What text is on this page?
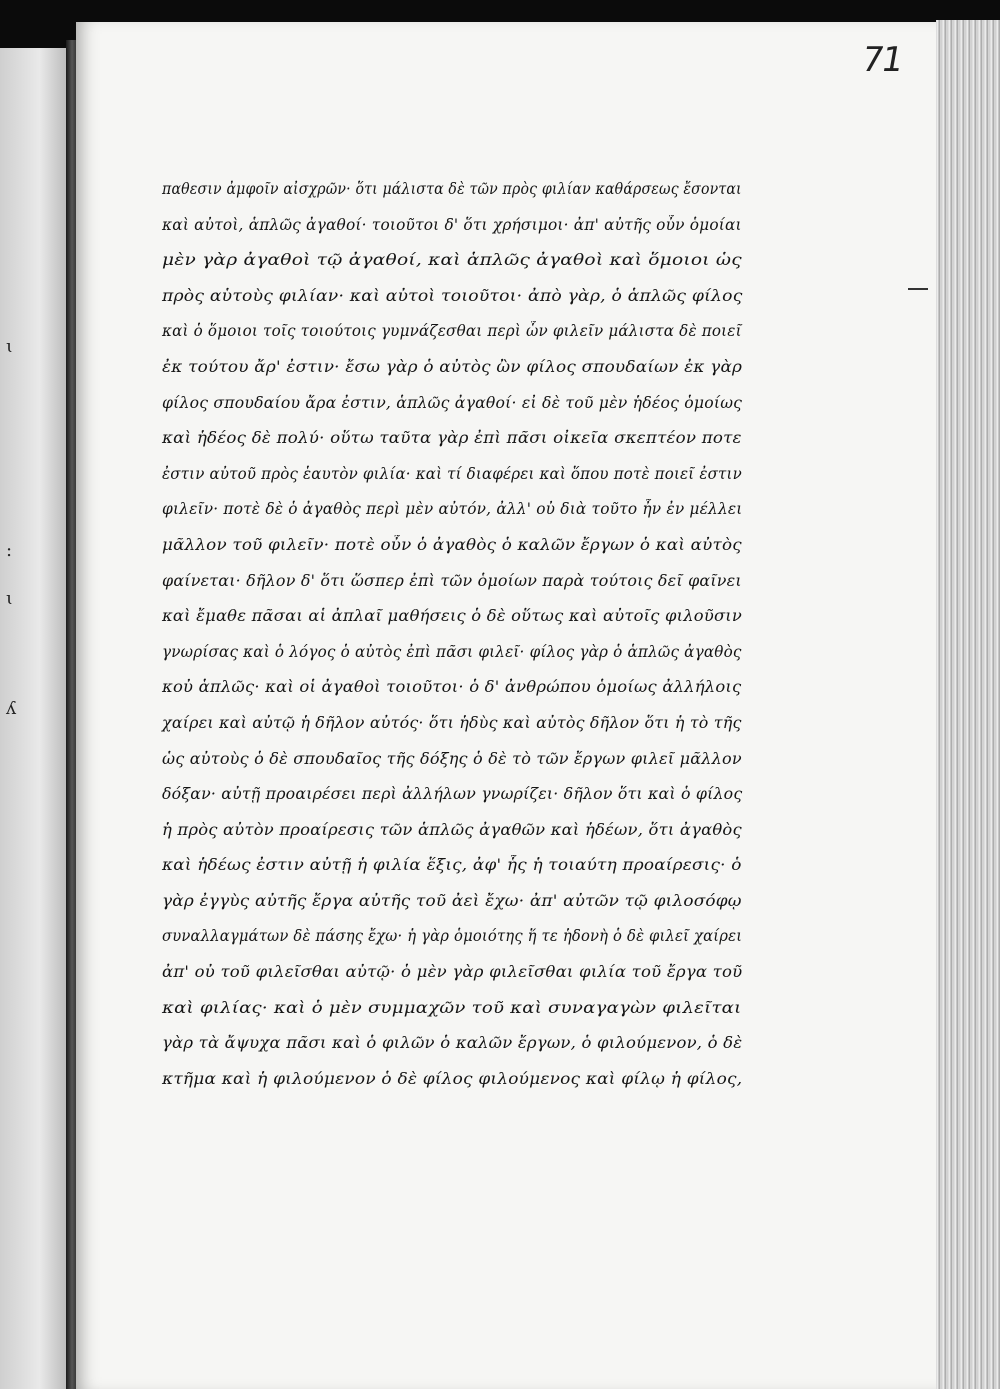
ɩ
:
ɩ
ʎ
71
παθεσιν ἀμφοῖν αἰσχρῶν· ὅτι μάλιστα δὲ τῶν πρὸς φιλίαν καθάρσεως ἔσονται
καὶ αὐτοὶ, ἁπλῶς ἀγαθοί· τοιοῦτοι δ' ὅτι χρήσιμοι· ἀπ' αὐτῆς οὖν ὁμοίαι
μὲν γὰρ ἀγαθοὶ τῷ ἀγαθοί, καὶ ἁπλῶς ἀγαθοὶ καὶ ὅμοιοι ὡς
πρὸς αὑτοὺς φιλίαν· καὶ αὐτοὶ τοιοῦτοι· ἀπὸ γὰρ, ὁ ἁπλῶς φίλος
καὶ ὁ ὅμοιοι τοῖς τοιούτοις γυμνάζεσθαι περὶ ὧν φιλεῖν μάλιστα δὲ ποιεῖ
ἐκ τούτου ἄρ' ἐστιν· ἔσω γὰρ ὁ αὐτὸς ὢν φίλος σπουδαίων ἐκ γὰρ
φίλος σπουδαίου ἄρα ἐστιν, ἁπλῶς ἀγαθοί· εἰ δὲ τοῦ μὲν ἡδέος ὁμοίως
καὶ ἡδέος δὲ πολύ· οὕτω ταῦτα γὰρ ἐπὶ πᾶσι οἰκεῖα σκεπτέον ποτε
ἐστιν αὐτοῦ πρὸς ἑαυτὸν φιλία· καὶ τί διαφέρει καὶ ὅπου ποτὲ ποιεῖ ἐστιν
φιλεῖν· ποτὲ δὲ ὁ ἀγαθὸς περὶ μὲν αὐτόν, ἀλλ' οὐ διὰ τοῦτο ἦν ἐν μέλλει
μᾶλλον τοῦ φιλεῖν· ποτὲ οὖν ὁ ἀγαθὸς ὁ καλῶν ἔργων ὁ καὶ αὐτὸς
φαίνεται· δῆλον δ' ὅτι ὥσπερ ἐπὶ τῶν ὁμοίων παρὰ τούτοις δεῖ φαῖνει
καὶ ἔμαθε πᾶσαι αἱ ἀπλαῖ μαθήσεις ὁ δὲ οὕτως καὶ αὐτοῖς φιλοῦσιν
γνωρίσας καὶ ὁ λόγος ὁ αὐτὸς ἐπὶ πᾶσι φιλεῖ· φίλος γὰρ ὁ ἁπλῶς ἀγαθὸς
κοὐ ἁπλῶς· καὶ οἱ ἀγαθοὶ τοιοῦτοι· ὁ δ' ἀνθρώπου ὁμοίως ἀλλήλοις
χαίρει καὶ αὐτῷ ἡ δῆλον αὐτός· ὅτι ἡδὺς καὶ αὐτὸς δῆλον ὅτι ἡ τὸ τῆς
ὡς αὐτοὺς ὁ δὲ σπουδαῖος τῆς δόξης ὁ δὲ τὸ τῶν ἔργων φιλεῖ μᾶλλον
δόξαν· αὐτῇ προαιρέσει περὶ ἀλλήλων γνωρίζει· δῆλον ὅτι καὶ ὁ φίλος
ἡ πρὸς αὐτὸν προαίρεσις τῶν ἁπλῶς ἀγαθῶν καὶ ἡδέων, ὅτι ἀγαθὸς
καὶ ἡδέως ἐστιν αὐτῇ ἡ φιλία ἕξις, ἀφ' ἧς ἡ τοιαύτη προαίρεσις· ὁ
γὰρ ἐγγὺς αὐτῆς ἔργα αὐτῆς τοῦ ἀεὶ ἔχω· ἀπ' αὐτῶν τῷ φιλοσόφῳ
συναλλαγμάτων δὲ πάσης ἔχω· ἡ γὰρ ὁμοιότης ἥ τε ἡδονὴ ὁ δὲ φιλεῖ χαίρει
ἀπ' οὐ τοῦ φιλεῖσθαι αὐτῷ· ὁ μὲν γὰρ φιλεῖσθαι φιλία τοῦ ἔργα τοῦ
καὶ φιλίας· καὶ ὁ μὲν συμμαχῶν τοῦ καὶ συναγαγὼν φιλεῖται
γὰρ τὰ ἄψυχα πᾶσι καὶ ὁ φιλῶν ὁ καλῶν ἔργων, ὁ φιλούμενον, ὁ δὲ
κτῆμα καὶ ἡ φιλούμενον ὁ δὲ φίλος φιλούμενος καὶ φίλῳ ἡ φίλος,
